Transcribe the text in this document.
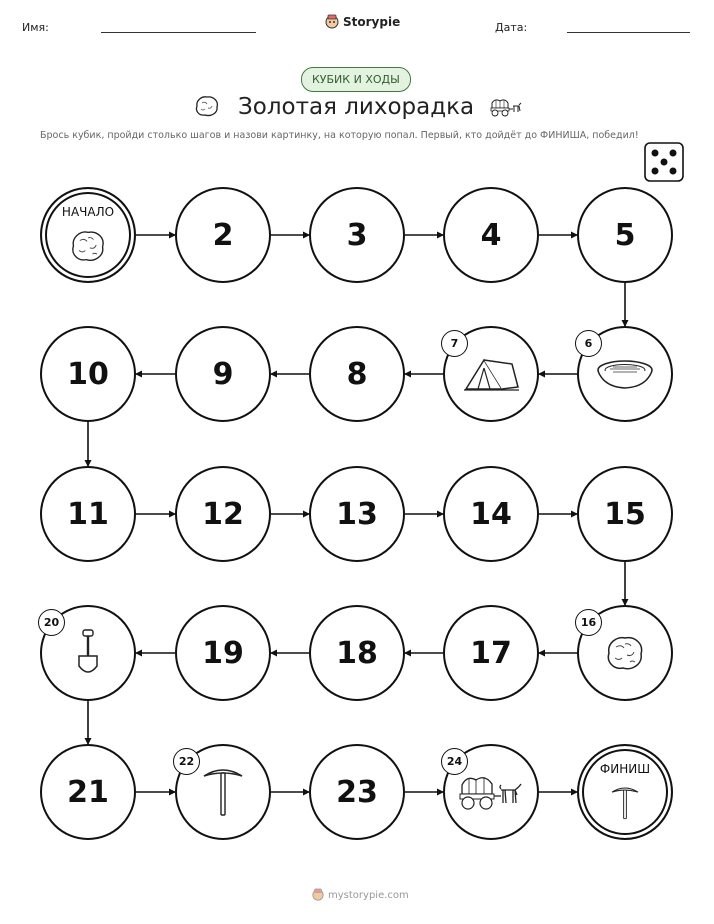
Имя:	Storypie	Дата:
КУБИК И ХОДЫ
Золотая лихорадка
Брось кубик, пройди столько шагов и назови картинку, на которую попал. Первый, кто дойдёт до ФИНИША, победил!
НАЧАЛО
2	3	4	5
6
7
8
9
10
11	12	13	14	15
16
17
18
19
20
21
22
23
24
ФИНИШ
mystorypie.com
